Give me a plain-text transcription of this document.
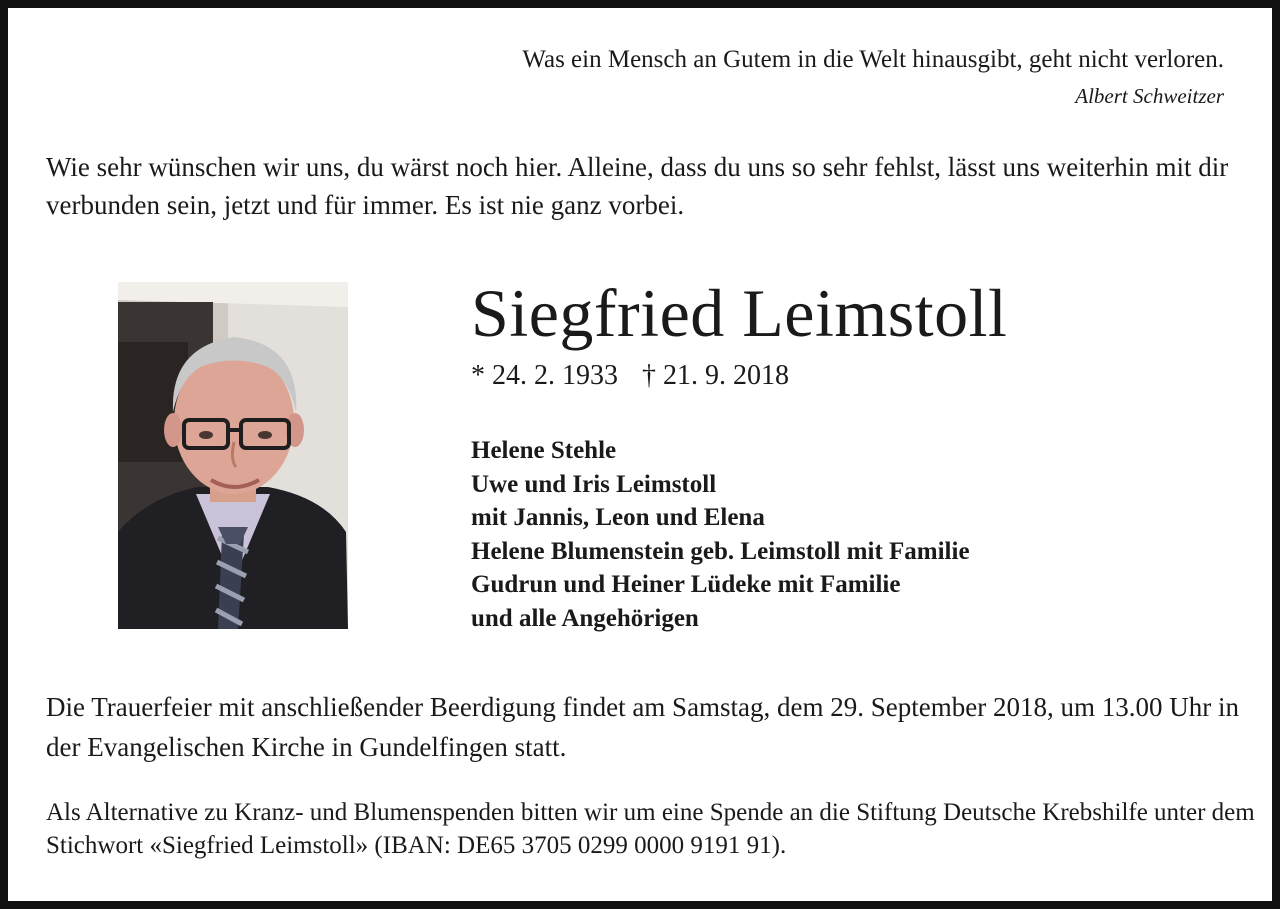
Was ein Mensch an Gutem in die Welt hinausgibt, geht nicht verloren.

Albert Schweitzer

Wie sehr wünschen wir uns, du wärst noch hier. Alleine, dass du uns so sehr fehlst, lässt uns weiterhin mit dir verbunden sein, jetzt und für immer. Es ist nie ganz vorbei.

Siegfried Leimstoll

* 24. 2. 1933 † 21. 9. 2018

Helene Stehle
Uwe und Iris Leimstoll
mit Jannis, Leon und Elena
Helene Blumenstein geb. Leimstoll mit Familie
Gudrun und Heiner Lüdeke mit Familie
und alle Angehörigen

Die Trauerfeier mit anschließender Beerdigung findet am Samstag, dem 29. September 2018, um 13.00 Uhr in der Evangelischen Kirche in Gundelfingen statt.

Als Alternative zu Kranz- und Blumenspenden bitten wir um eine Spende an die Stiftung Deutsche Krebshilfe unter dem Stichwort «Siegfried Leimstoll» (IBAN: DE65 3705 0299 0000 9191 91).
